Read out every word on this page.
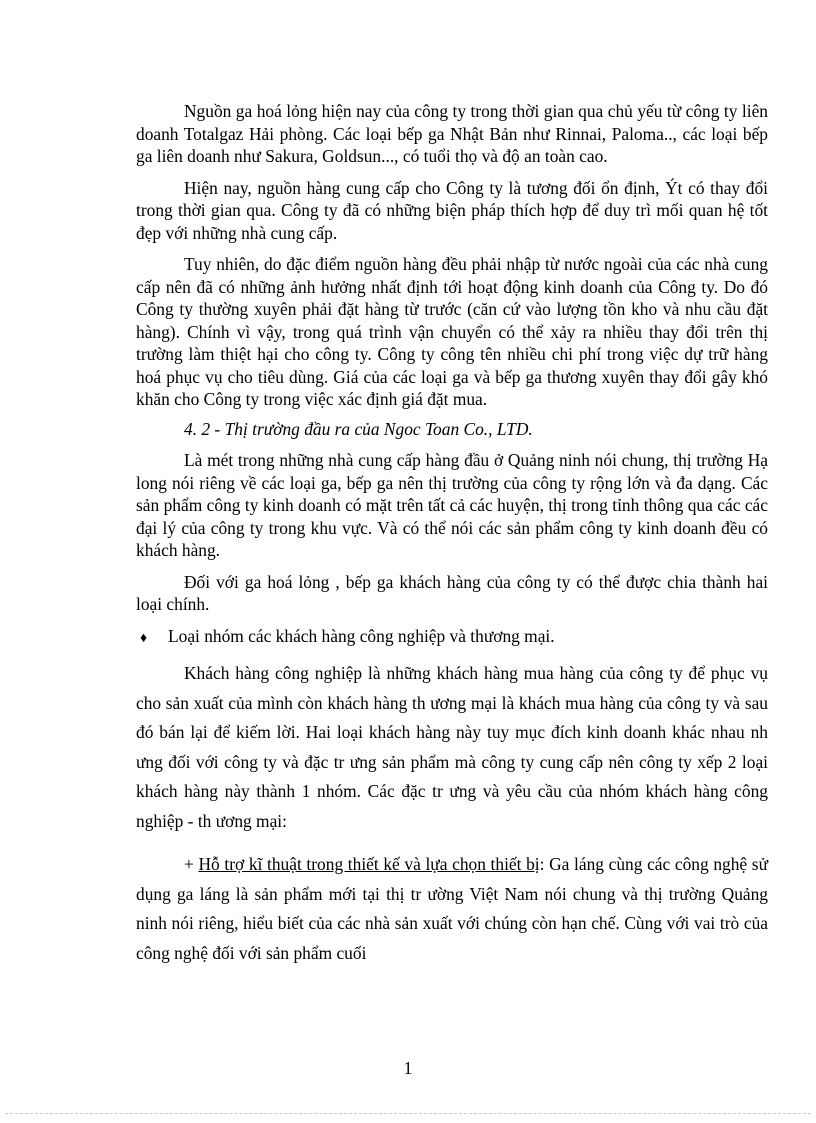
Nguồn ga hoá lỏng hiện nay của công ty trong thời gian qua chủ yếu từ công ty liên doanh Totalgaz Hải phòng. Các loại bếp ga Nhật Bản như Rinnai, Paloma.., các loại bếp ga liên doanh như Sakura, Goldsun..., có tuổi thọ và độ an toàn cao.

Hiện nay, nguồn hàng cung cấp cho Công ty là tương đối ổn định, Ýt có thay đổi trong thời gian qua. Công ty đã có những biện pháp thích hợp để duy trì mối quan hệ tốt đẹp với những nhà cung cấp.

Tuy nhiên, do đặc điểm nguồn hàng đều phải nhập từ nước ngoài của các nhà cung cấp nên đã có những ảnh hưởng nhất định tới hoạt động kinh doanh của Công ty. Do đó Công ty thường xuyên phải đặt hàng từ trước (căn cứ vào lượng tồn kho và nhu cầu đặt hàng). Chính vì vậy, trong quá trình vận chuyển có thể xảy ra nhiều thay đổi trên thị trường làm thiệt hại cho công ty. Công ty công tên nhiều chi phí trong việc dự trữ hàng hoá phục vụ cho tiêu dùng. Giá của các loại ga và bếp ga thương xuyên thay đổi gây khó khăn cho Công ty trong việc xác định giá đặt mua.

4. 2 - Thị trường đầu ra của Ngoc Toan Co., LTD.

Là mét trong những nhà cung cấp hàng đầu ở Quảng ninh nói chung, thị trường Hạ long nói riêng về các loại ga, bếp ga nên thị trường của công ty rộng lớn và đa dạng. Các sản phẩm công ty kinh doanh có mặt trên tất cả các huyện, thị trong tỉnh thông qua các các đại lý của công ty trong khu vực. Và có thể nói các sản phẩm công ty kinh doanh đều có khách hàng.

Đối với ga hoá lỏng , bếp ga khách hàng của công ty có thể được chia thành hai loại chính.

♦ Loại nhóm các khách hàng công nghiệp và thương mại.

Khách hàng công nghiệp là những khách hàng mua hàng của công ty để phục vụ cho sản xuất của mình còn khách hàng th ương mại là khách mua hàng của công ty và sau đó bán lại để kiếm lời. Hai loại khách hàng này tuy mục đích kinh doanh khác nhau nh ưng đối với công ty và đặc tr ưng sản phẩm mà công ty cung cấp nên công ty xếp 2 loại khách hàng này thành 1 nhóm. Các đặc tr ưng và yêu cầu của nhóm khách hàng công nghiệp - th ương mại:

+ Hỗ trợ kĩ thuật trong thiết kế và lựa chọn thiết bị: Ga láng cùng các công nghệ sử dụng ga láng là sản phẩm mới tại thị tr ường Việt Nam nói chung và thị trường Quảng ninh nói riêng, hiểu biết của các nhà sản xuất với chúng còn hạn chế. Cùng với vai trò của công nghệ đối với sản phẩm cuối

1
